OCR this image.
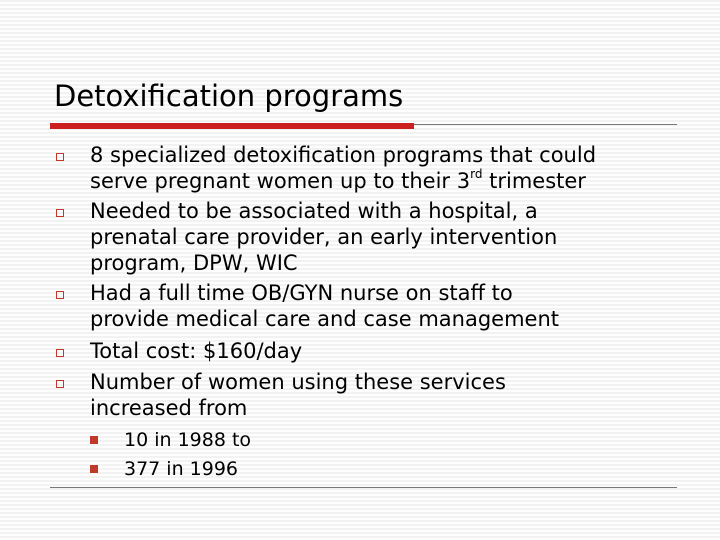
Detoxification programs
8 specialized detoxification programs that could
serve pregnant women up to their 3rd trimester
Needed to be associated with a hospital, a
prenatal care provider, an early intervention
program, DPW, WIC
Had a full time OB/GYN nurse on staff to
provide medical care and case management
Total cost: $160/day
Number of women using these services
increased from
10 in 1988 to
377 in 1996
